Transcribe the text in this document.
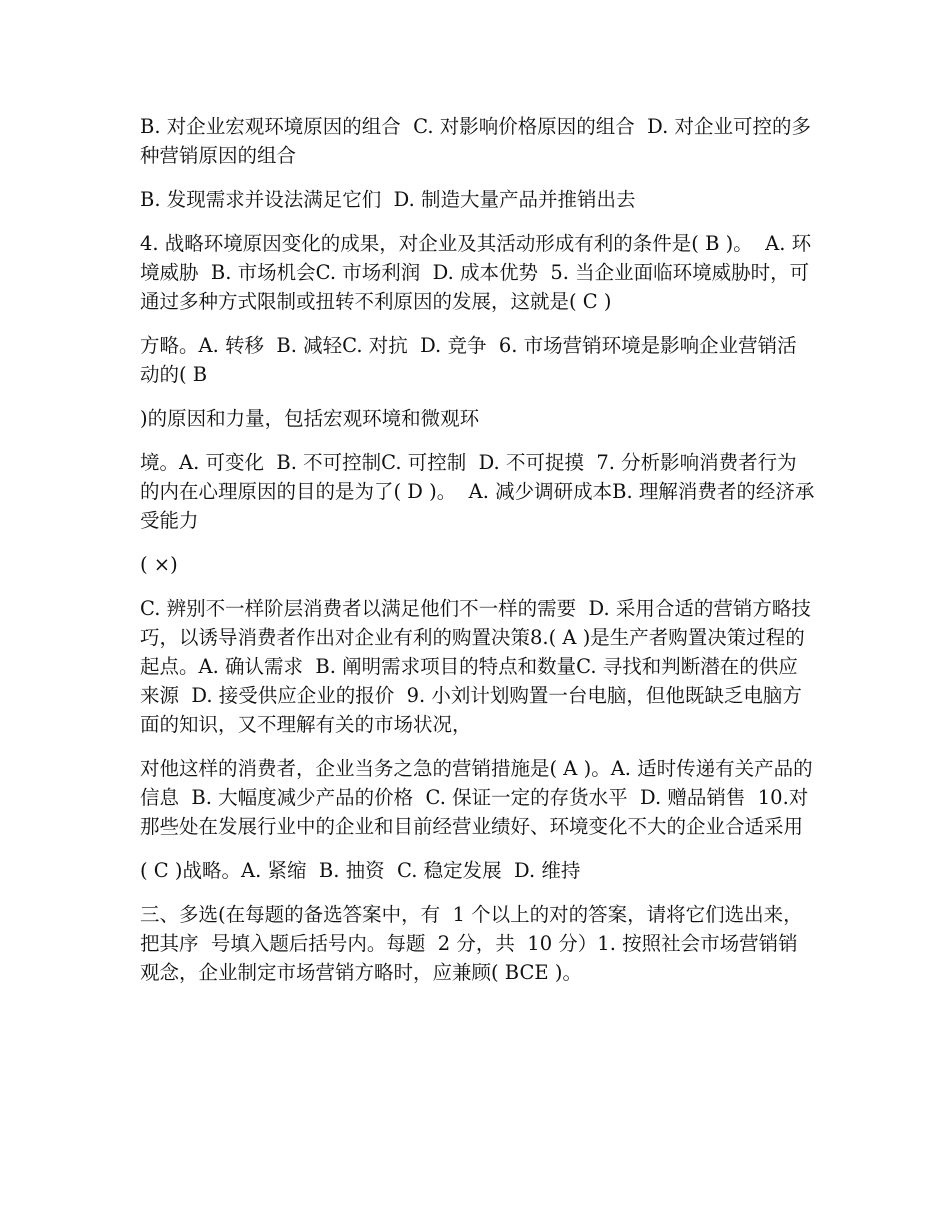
B. 对企业宏观环境原因的组合  C. 对影响价格原因的组合  D. 对企业可控的多种营销原因的组合

B. 发现需求并设法满足它们  D. 制造大量产品并推销出去

4. 战略环境原因变化的成果，对企业及其活动形成有利的条件是( B )。  A. 环境威胁  B. 市场机会C. 市场利润  D. 成本优势  5. 当企业面临环境威胁时，可通过多种方式限制或扭转不利原因的发展，这就是( C )

方略。A. 转移  B. 减轻C. 对抗  D. 竞争  6. 市场营销环境是影响企业营销活动的( B

)的原因和力量，包括宏观环境和微观环

境。A. 可变化  B. 不可控制C. 可控制  D. 不可捉摸  7. 分析影响消费者行为的内在心理原因的目的是为了( D )。  A. 减少调研成本B. 理解消费者的经济承受能力

( ×)

C. 辨别不一样阶层消费者以满足他们不一样的需要  D. 采用合适的营销方略技巧，以诱导消费者作出对企业有利的购置决策8.( A )是生产者购置决策过程的起点。A. 确认需求  B. 阐明需求项目的特点和数量C. 寻找和判断潜在的供应来源  D. 接受供应企业的报价  9. 小刘计划购置一台电脑，但他既缺乏电脑方面的知识，又不理解有关的市场状况，

对他这样的消费者，企业当务之急的营销措施是( A )。A. 适时传递有关产品的信息  B. 大幅度减少产品的价格  C. 保证一定的存货水平  D. 赠品销售  10.对那些处在发展行业中的企业和目前经营业绩好、环境变化不大的企业合适采用

( C )战略。A. 紧缩  B. 抽资  C. 稳定发展  D. 维持

三、多选(在每题的备选答案中，有  1 个以上的对的答案，请将它们选出来，把其序  号填入题后括号内。每题  2 分，共  10 分）1. 按照社会市场营销销观念，企业制定市场营销方略时，应兼顾( BCE )。
